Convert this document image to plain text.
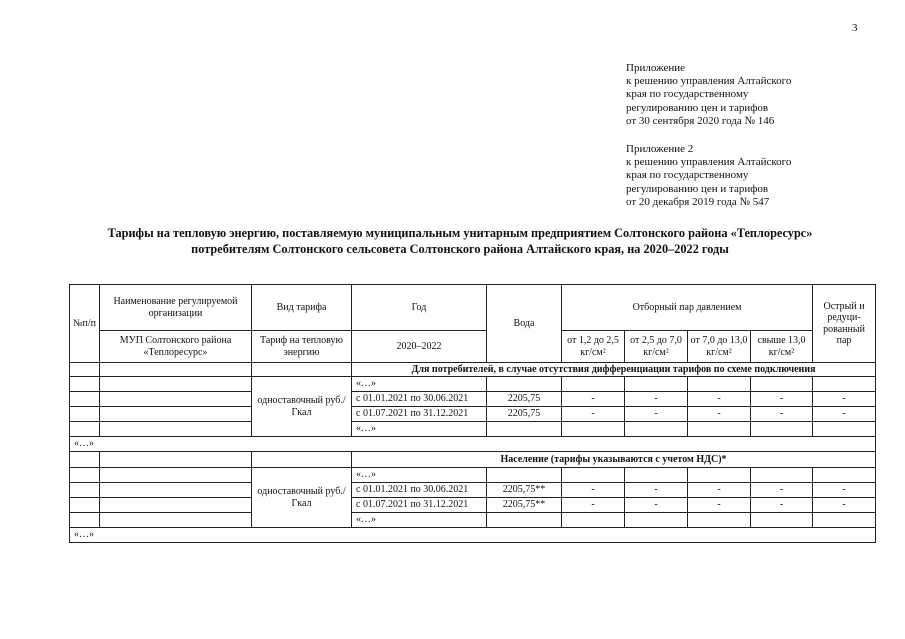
3
Приложение
к решению управления Алтайского
края по государственному
регулированию цен и тарифов
от 30 сентября 2020 года № 146
Приложение 2
к решению управления Алтайского
края по государственному
регулированию цен и тарифов
от 20 декабря 2019 года № 547
Тарифы на тепловую энергию, поставляемую муниципальным унитарным предприятием Солтонского района «Теплоресурс»
потребителям Солтонского сельсовета Солтонского района Алтайского края, на 2020–2022 годы
№п/п	Наименование регулируемой организации	Вид тарифа	Год	Вода	Отборный пар давлением				Острый и редуци-рованный пар
	МУП Солтонского района «Теплоресурс»	Тариф на тепловую энергию	2020–2022		от 1,2 до 2,5 кг/см²	от 2,5 до 7,0 кг/см²	от 7,0 до 13,0 кг/см²	свыше 13,0 кг/см²	
			Для потребителей, в случае отсутствия дифференциации тарифов по схеме подключения						
		одноставочный руб./Гкал	«…»						
			с 01.01.2021 по 30.06.2021	2205,75	-	-	-	-	-
			с 01.07.2021 по 31.12.2021	2205,75	-	-	-	-	-
			«…»						
«…»									
			Население (тарифы указываются с учетом НДС)*						
		одноставочный руб./Гкал	«…»						
			с 01.01.2021 по 30.06.2021	2205,75**	-	-	-	-	-
			с 01.07.2021 по 31.12.2021	2205,75**	-	-	-	-	-
			«…»						
«…»									
